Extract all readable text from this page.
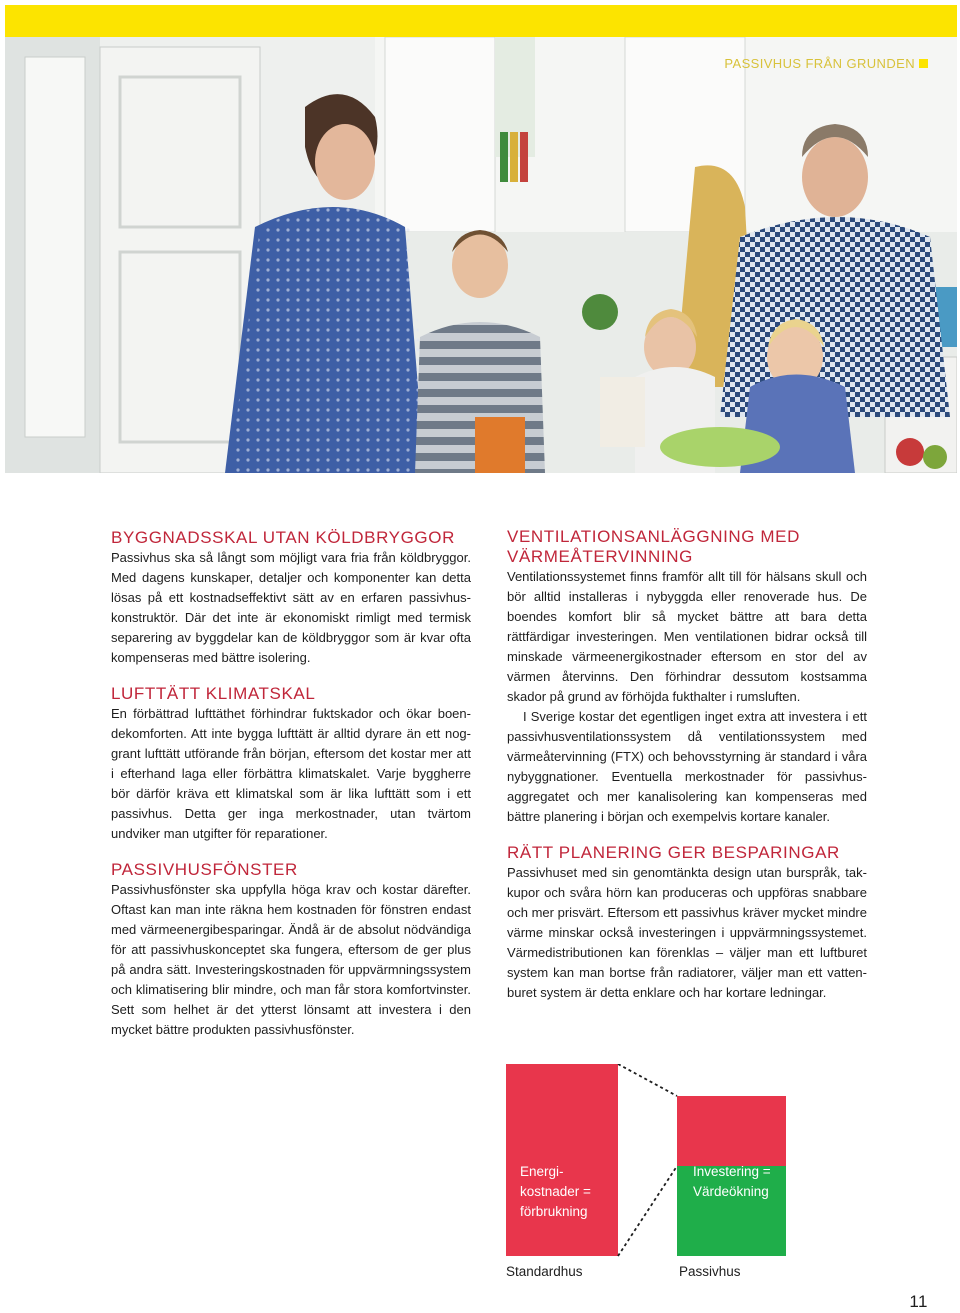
PASSIVHUS FRÅN GRUNDEN
BYGGNADSSKAL UTAN KÖLDBRYGGOR

Passivhus ska så långt som möjligt vara fria från köldbryggor. Med dagens kunskaper, detaljer och komponenter kan detta lösas på ett kostnadseffektivt sätt av en erfaren passivhuskonstruktör. Där det inte är ekonomiskt rimligt med termisk separering av byggdelar kan de köldbryggor som är kvar ofta kompenseras med bättre isolering.

LUFTTÄTT KLIMATSKAL

En förbättrad lufttäthet förhindrar fuktskador och ökar boendekomforten. Att inte bygga lufttätt är alltid dyrare än ett noggrant lufttätt utförande från början, eftersom det kostar mer att i efterhand laga eller förbättra klimatskalet. Varje byggherre bör därför kräva ett klimatskal som är lika lufttätt som i ett passivhus. Detta ger inga merkostnader, utan tvärtom undviker man utgifter för reparationer.

PASSIVHUSFÖNSTER

Passivhusfönster ska uppfylla höga krav och kostar därefter. Oftast kan man inte räkna hem kostnaden för fönstren endast med värmeenergibesparingar. Ändå är de absolut nödvändiga för att passivhuskonceptet ska fungera, eftersom de ger plus på andra sätt. Investeringskostnaden för uppvärmningssystem och klimatisering blir mindre, och man får stora komfortvinster. Sett som helhet är det ytterst lönsamt att investera i den mycket bättre produkten passivhusfönster.

VENTILATIONSANLÄGGNING MED VÄRMEÅTERVINNING

Ventilationssystemet finns framför allt till för hälsans skull och bör alltid installeras i nybyggda eller renoverade hus. De boendes komfort blir så mycket bättre att bara detta rättfärdigar investeringen. Men ventilationen bidrar också till minskade värmeenergikostnader eftersom en stor del av värmen återvinns. Den förhindrar dessutom kostsamma skador på grund av förhöjda fukthalter i rumsluften.

I Sverige kostar det egentligen inget extra att investera i ett passivhusventilationssystem då ventilationssystem med värmeåtervinning (FTX) och behovsstyrning är standard i våra nybyggnationer. Eventuella merkostnader för passivhusaggregatet och mer kanalisolering kan kompenseras med bättre planering i början och exempelvis kortare kanaler.

RÄTT PLANERING GER BESPARINGAR

Passivhuset med sin genomtänkta design utan burspråk, takkupor och svåra hörn kan produceras och uppföras snabbare och mer prisvärt. Eftersom ett passivhus kräver mycket mindre värme minskar också investeringen i uppvärmningssystemet. Värmedistributionen kan förenklas – väljer man ett luftburet system kan man bortse från radiatorer, väljer man ett vattenburet system är detta enklare och har kortare ledningar.

Energi-
kostnader =
förbrukning
Investering =
Värdeökning
Standardhus	Passivhus
11
